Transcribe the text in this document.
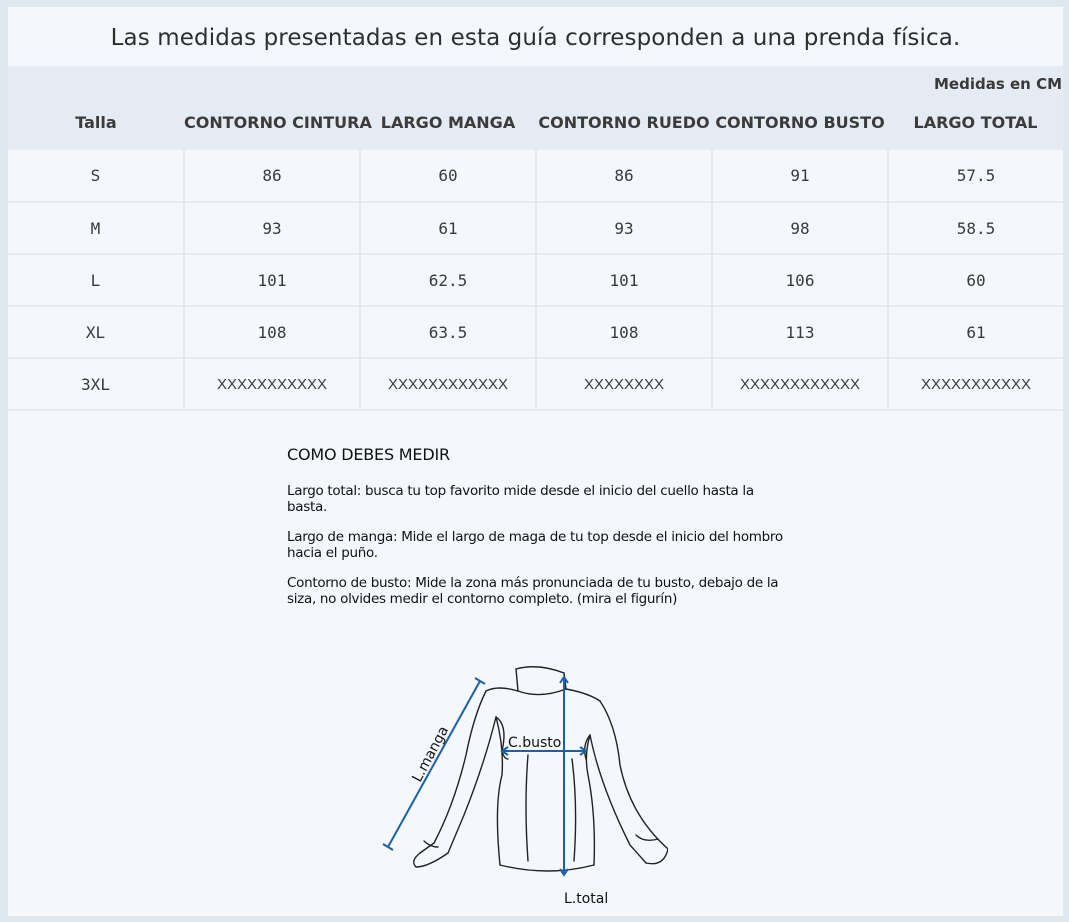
Las medidas presentadas en esta guía corresponden a una prenda física.
Talla	CONTORNO CINTURA	LARGO MANGA	CONTORNO RUEDO	CONTORNO BUSTO	LARGO TOTAL
S	86	60	86	91	57.5
M	93	61	93	98	58.5
L	101	62.5	101	106	60
XL	108	63.5	108	113	61
3XL	XXXXXXXXXXX	XXXXXXXXXXXX	XXXXXXXX	XXXXXXXXXXXX	XXXXXXXXXXX
Medidas en CM
COMO DEBES MEDIR

Largo total: busca tu top favorito mide desde el inicio del cuello hasta la basta.

Largo de manga: Mide el largo de maga de tu top desde el inicio del hombro hacia el puño.

Contorno de busto: Mide la zona más pronunciada de tu busto, debajo de la siza, no olvides medir el contorno completo. (mira el figurín)

L.manga	C.busto
L.total
